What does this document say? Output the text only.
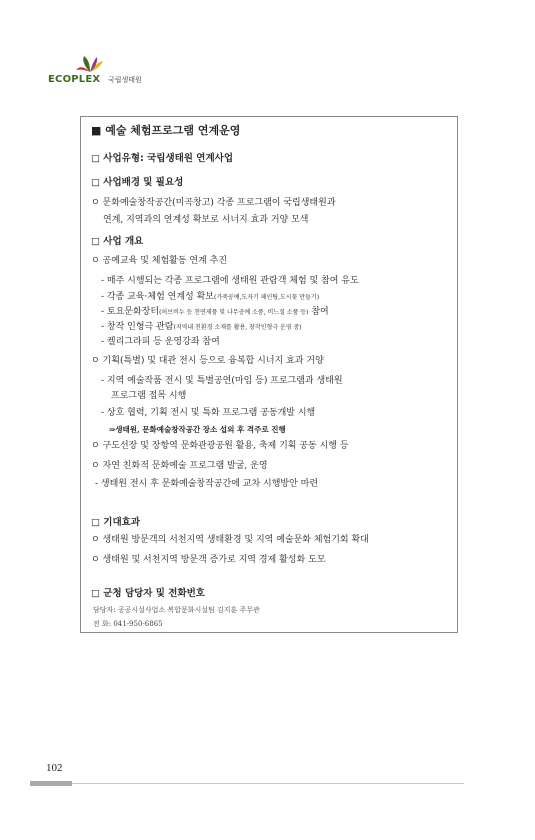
ECOPLEX 국립생태원
■ 예술 체험프로그램 연계운영
□ 사업유형: 국립생태원 연계사업
□ 사업배경 및 필요성
ㅇ 문화예술창작공간(미곡창고) 각종 프로그램이 국립생태원과
연계, 지역과의 연계성 확보로 시너지 효과 거양 모색
□ 사업 개요
ㅇ 공예교육 및 체험활동 연계 추진
- 매주 시행되는 각종 프로그램에 생태원 관람객 체험 및 참여 유도
- 각종 교육·체험 연계성 확보(가죽공예,도자기 페인팅,도시꽃 만들기)
- 토요문화장터(허브비누 등 천연제품 및 나무공예 소품, 비느질 소품 등) 참여
- 창작 인형극 관람(지역내 친환경 소재를 활용, 창작인형극 운영 중)
- 켈리그라피 등 운영강좌 참여
ㅇ 기획(특별) 및 대관 전시 등으로 융복합 시너지 효과 거양
- 지역 예술작품 전시 및 특별공연(마임 등) 프로그램과 생태원
프로그램 접목 시행
- 상호 협력, 기획 전시 및 특화 프로그램 공동개발 시행
⇒생태원, 문화예술창작공간 장소 섭외 후 격주로 진행
ㅇ 구도선장 및 장항역 문화관광공원 활용, 축제 기획 공동 시행 등
ㅇ 자연 친화적 문화예술 프로그램 발굴, 운영
- 생태원 전시 후 문화예술창작공간에 교차 시행방안 마련
□ 기대효과
ㅇ 생태원 방문객의 서천지역 생태환경 및 지역 예술문화 체험기회 확대
ㅇ 생태원 및 서천지역 방문객 증가로 지역 경제 활성화 도모
□ 군청 담당자 및 전화번호
담당자: 공공시설사업소 복합문화시설팀 김지훈 주무관
전 화: 041-950-6865
102
